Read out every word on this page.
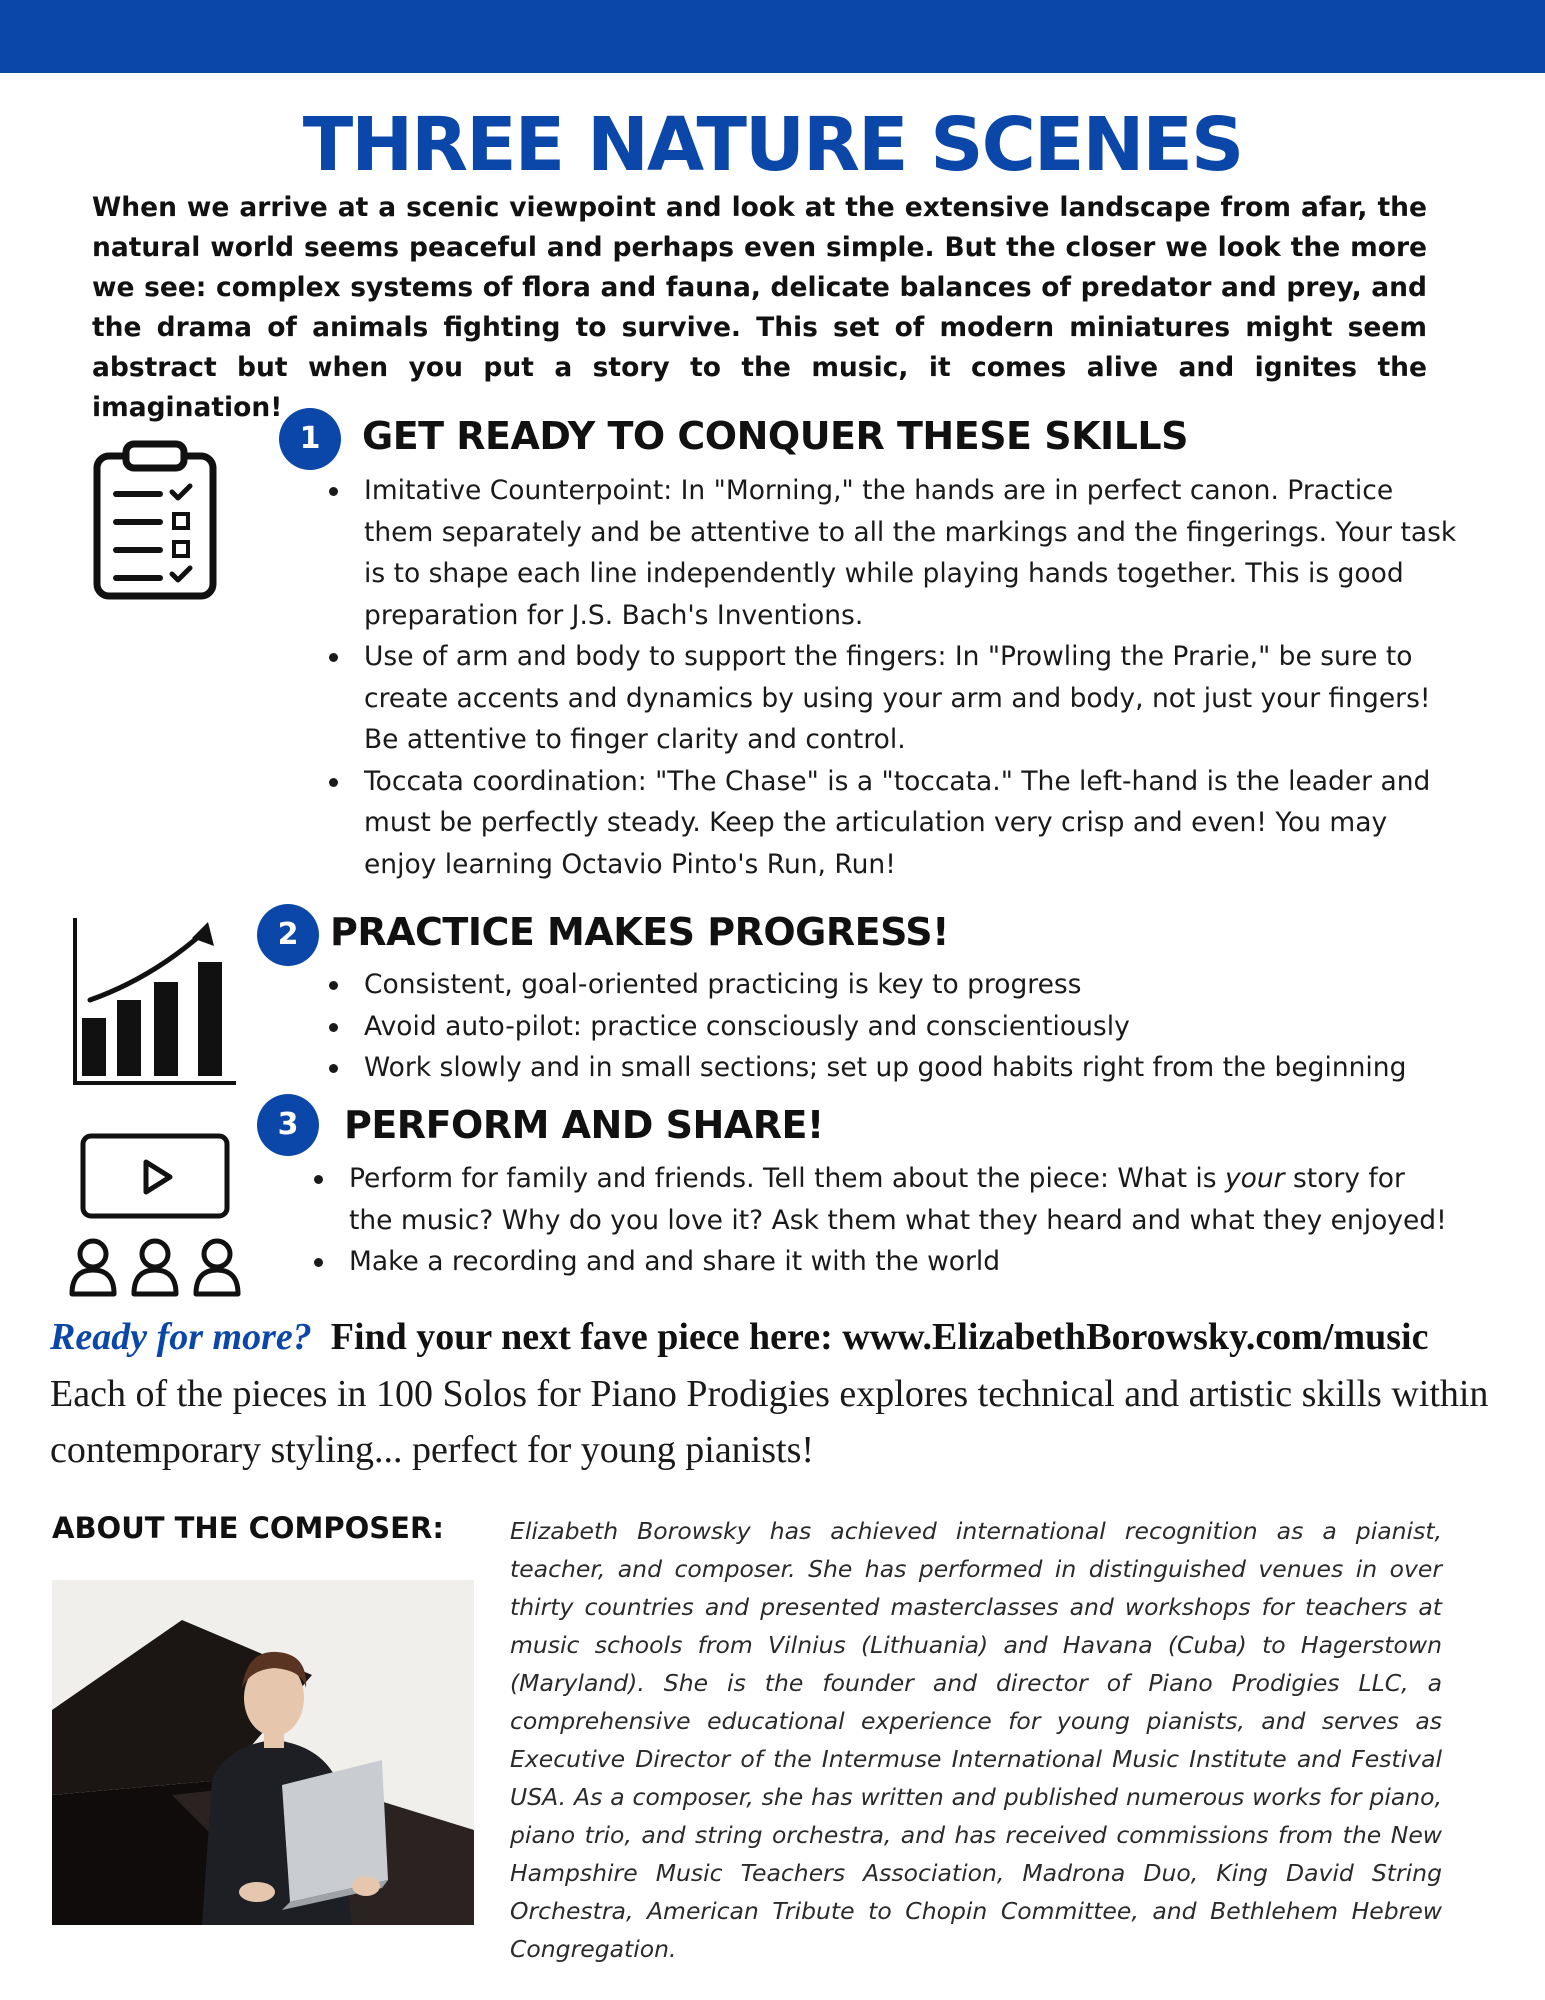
THREE NATURE SCENES
When we arrive at a scenic viewpoint and look at the extensive landscape from afar, the natural world seems peaceful and perhaps even simple. But the closer we look the more we see: complex systems of flora and fauna, delicate balances of predator and prey, and the drama of animals fighting to survive. This set of modern miniatures might seem abstract but when you put a story to the music, it comes alive and ignites the imagination!
1	GET READY TO CONQUER THESE SKILLS
Imitative Counterpoint: In "Morning," the hands are in perfect canon. Practice them separately and be attentive to all the markings and the fingerings. Your task is to shape each line independently while playing hands together. This is good preparation for J.S. Bach's Inventions.
Use of arm and body to support the fingers: In "Prowling the Prarie," be sure to create accents and dynamics by using your arm and body, not just your fingers! Be attentive to finger clarity and control.
Toccata coordination: "The Chase" is a "toccata." The left-hand is the leader and must be perfectly steady. Keep the articulation very crisp and even! You may enjoy learning Octavio Pinto's Run, Run!
2 PRACTICE MAKES PROGRESS!
Consistent, goal-oriented practicing is key to progress
Avoid auto-pilot: practice consciously and conscientiously
Work slowly and in small sections; set up good habits right from the beginning
3	PERFORM AND SHARE!
Perform for family and friends. Tell them about the piece: What is your story for the music? Why do you love it? Ask them what they heard and what they enjoyed!
Make a recording and and share it with the world
Ready for more? Find your next fave piece here: www.ElizabethBorowsky.com/music
Each of the pieces in 100 Solos for Piano Prodigies explores technical and artistic skills within contemporary styling... perfect for young pianists!
ABOUT THE COMPOSER:	Elizabeth Borowsky has achieved international recognition as a pianist, teacher, and composer. She has performed in distinguished venues in over thirty countries and presented masterclasses and workshops for teachers at music schools from Vilnius (Lithuania) and Havana (Cuba) to Hagerstown (Maryland). She is the founder and director of Piano Prodigies LLC, a comprehensive educational experience for young pianists, and serves as Executive Director of the Intermuse International Music Institute and Festival USA. As a composer, she has written and published numerous works for piano, piano trio, and string orchestra, and has received commissions from the New Hampshire Music Teachers Association, Madrona Duo, King David String Orchestra, American Tribute to Chopin Committee, and Bethlehem Hebrew Congregation.
